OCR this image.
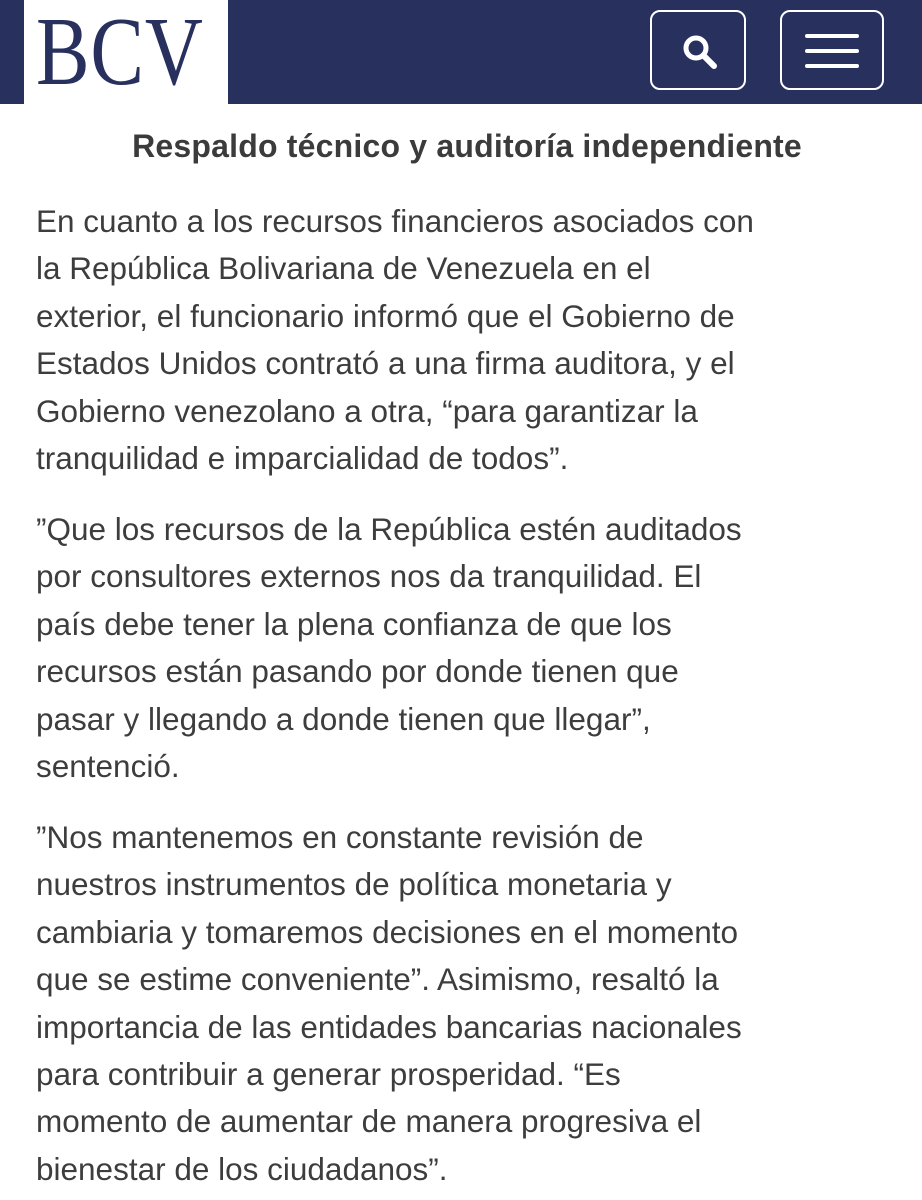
BCV
Respaldo técnico y auditoría independiente

En cuanto a los recursos financieros asociados con
la República Bolivariana de Venezuela en el
exterior, el funcionario informó que el Gobierno de
Estados Unidos contrató a una firma auditora, y el
Gobierno venezolano a otra, “para garantizar la
tranquilidad e imparcialidad de todos”.

”Que los recursos de la República estén auditados
por consultores externos nos da tranquilidad. El
país debe tener la plena confianza de que los
recursos están pasando por donde tienen que
pasar y llegando a donde tienen que llegar”,
sentenció.

”Nos mantenemos en constante revisión de
nuestros instrumentos de política monetaria y
cambiaria y tomaremos decisiones en el momento
que se estime conveniente”. Asimismo, resaltó la
importancia de las entidades bancarias nacionales
para contribuir a generar prosperidad. “Es
momento de aumentar de manera progresiva el
bienestar de los ciudadanos”.
